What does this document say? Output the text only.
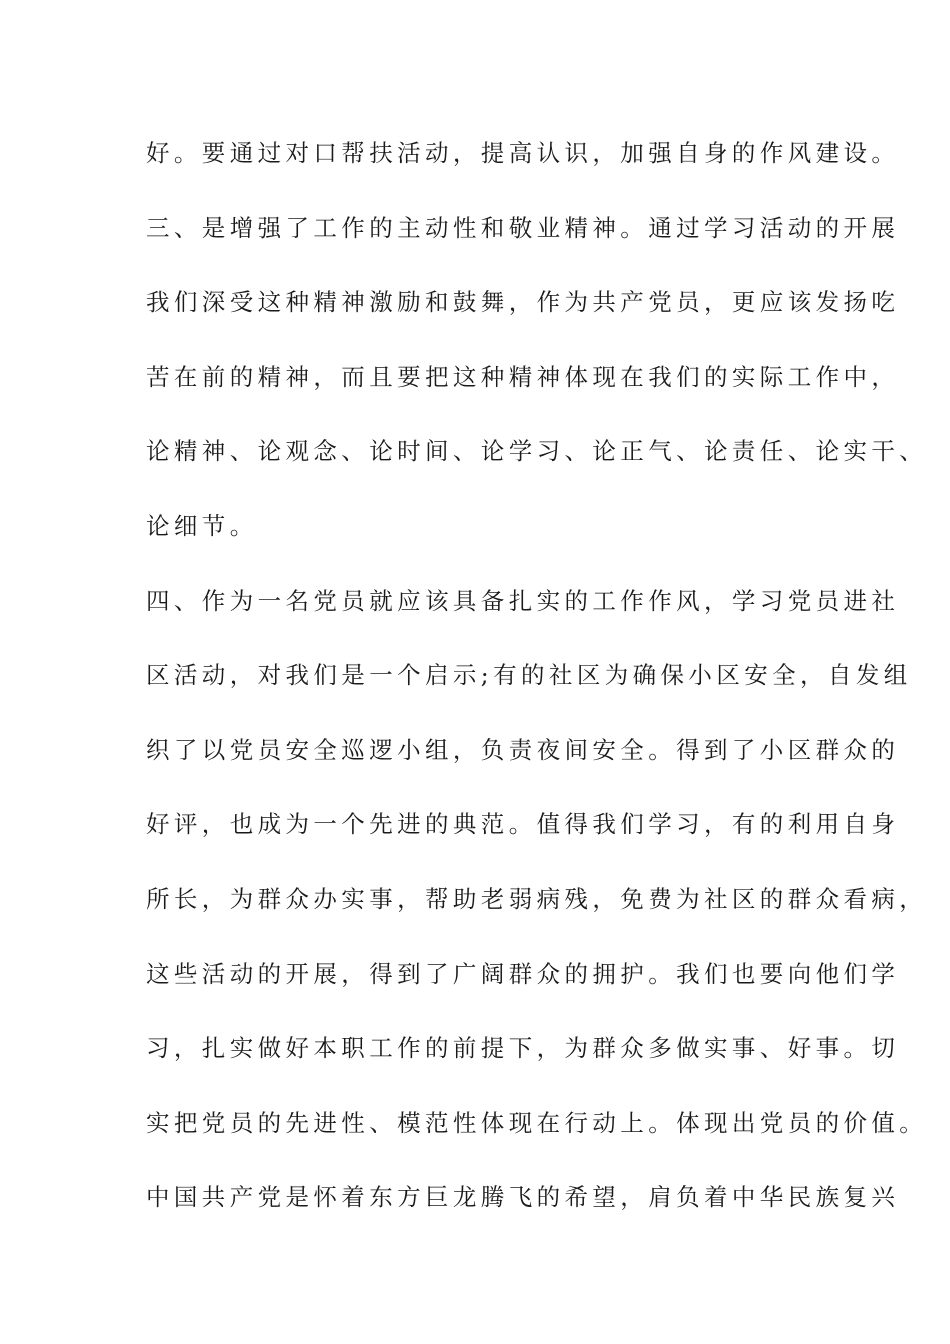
好。要通过对口帮扶活动，提高认识，加强自身的作风建设。
三、是增强了工作的主动性和敬业精神。通过学习活动的开展
我们深受这种精神激励和鼓舞，作为共产党员，更应该发扬吃
苦在前的精神，而且要把这种精神体现在我们的实际工作中，
论精神、论观念、论时间、论学习、论正气、论责任、论实干、
论细节。
四、作为一名党员就应该具备扎实的工作作风，学习党员进社
区活动，对我们是一个启示;有的社区为确保小区安全，自发组
织了以党员安全巡逻小组，负责夜间安全。得到了小区群众的
好评，也成为一个先进的典范。值得我们学习，有的利用自身
所长，为群众办实事，帮助老弱病残，免费为社区的群众看病，
这些活动的开展，得到了广阔群众的拥护。我们也要向他们学
习，扎实做好本职工作的前提下，为群众多做实事、好事。切
实把党员的先进性、模范性体现在行动上。体现出党员的价值。
中国共产党是怀着东方巨龙腾飞的希望，肩负着中华民族复兴
